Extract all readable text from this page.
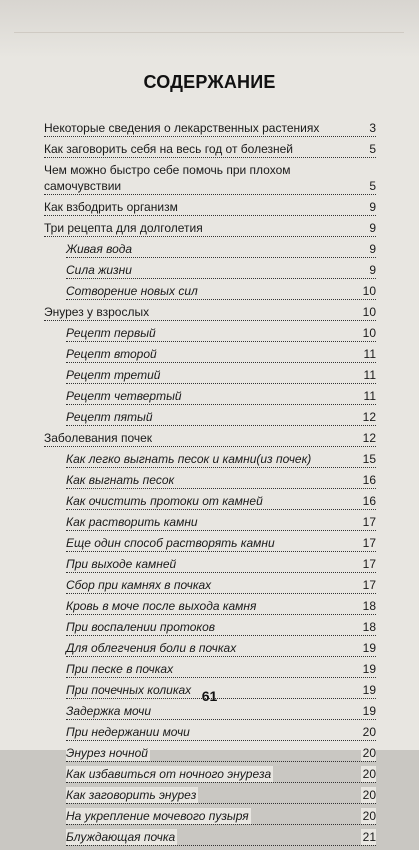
СОДЕРЖАНИЕ
Некоторые сведения о лекарственных растениях	3
Как заговорить себя на весь год от болезней	5
Чем можно быстро себе помочь при плохом самочувствии	5
Как взбодрить организм	9
Три рецепта для долголетия	9
Живая вода	9
Сила жизни	9
Сотворение новых сил	10
Энурез у взрослых	10
Рецепт первый	10
Рецепт второй	11
Рецепт третий	11
Рецепт четвертый	11
Рецепт пятый	12
Заболевания почек	12
Как легко выгнать песок и камни(из почек)	15
Как выгнать песок	16
Как очистить протоки от камней	16
Как растворить камни	17
Еще один способ растворять камни	17
При выходе камней	17
Сбор при камнях в почках	17
Кровь в моче после выхода камня	18
При воспалении протоков	18
Для облегчения боли в почках	19
При песке в почках	19
При почечных коликах	19
Задержка мочи	19
При недержании мочи	20
Энурез ночной	20
Как избавиться от ночного энуреза	20
Как заговорить энурез	20
На укрепление мочевого пузыря	20
Блуждающая почка	21
61
